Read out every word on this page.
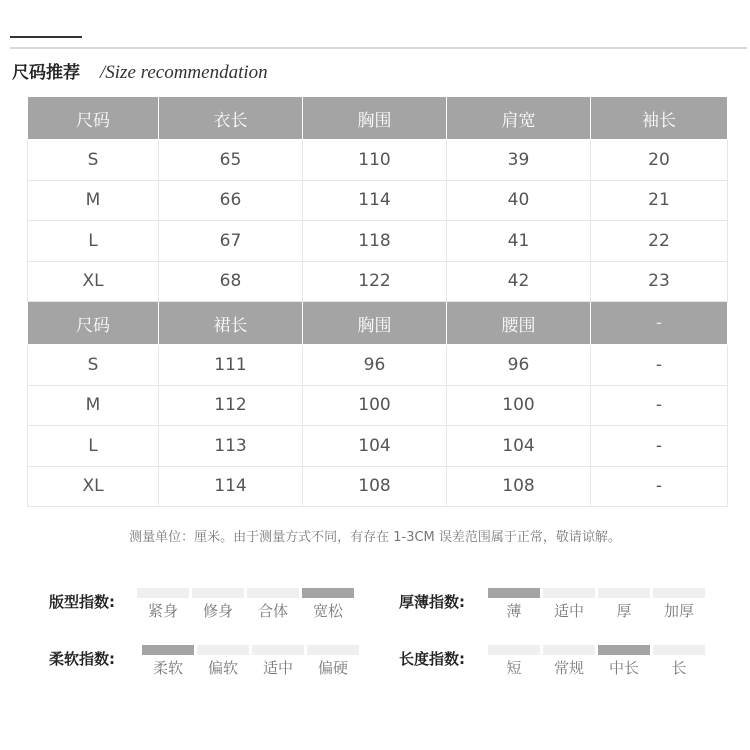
尺码推荐 /Size recommendation
尺码	衣长	胸围	肩宽	袖长
S	65	110	39	20
M	66	114	40	21
L	67	118	41	22
XL	68	122	42	23
尺码	裙长	胸围	腰围	-
S	111	96	96	-
M	112	100	100	-
L	113	104	104	-
XL	114	108	108	-
测量单位：厘米。由于测量方式不同，有存在 1-3CM 误差范围属于正常，敬请谅解。
版型指数:	紧身	修身	合体	宽松	厚薄指数:	薄	适中	厚	加厚
柔软指数:	柔软	偏软	适中	偏硬	长度指数:	短	常规	中长	长
